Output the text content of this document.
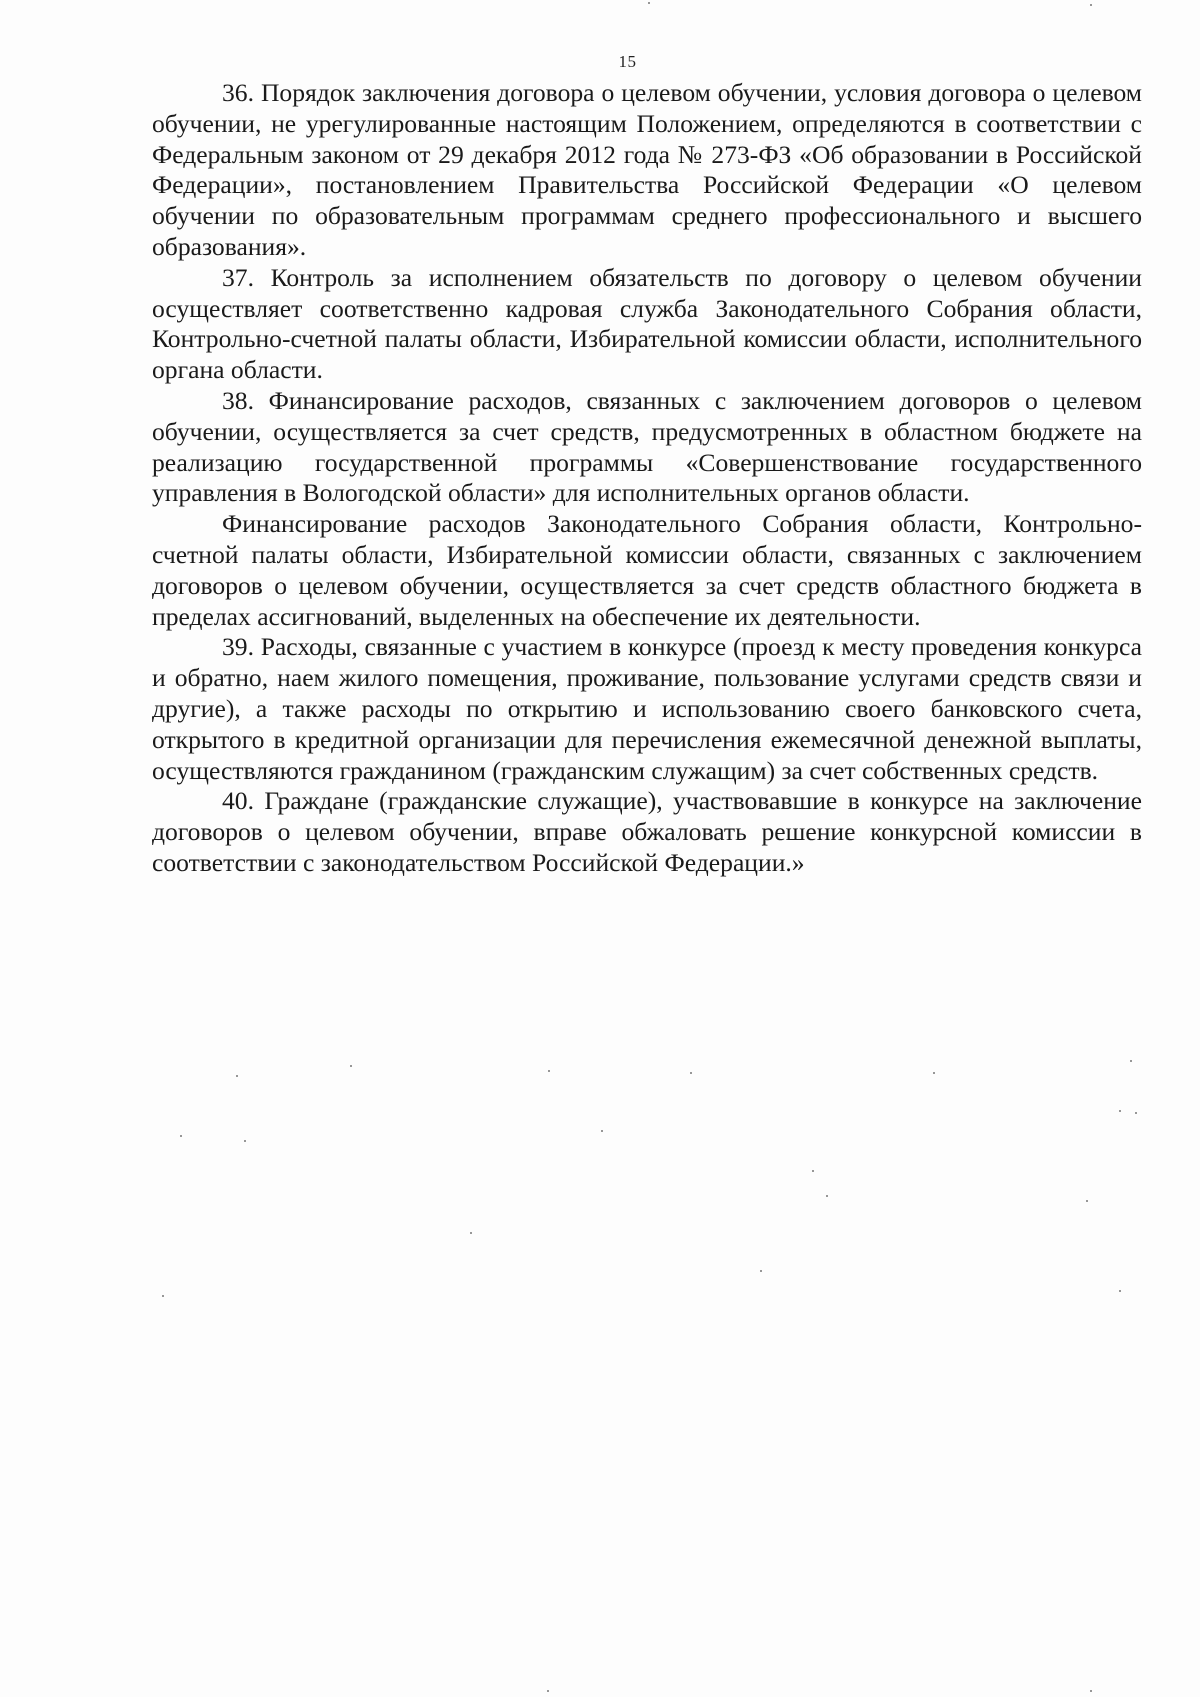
15

36. Порядок заключения договора о целевом обучении, условия договора о целевом обучении, не урегулированные настоящим Положением, определяются в соответствии с Федеральным законом от 29 декабря 2012 года № 273-ФЗ «Об образовании в Российской Федерации», постановлением Правительства Российской Федерации «О целевом обучении по образовательным программам среднего профессионального и высшего образования».

37. Контроль за исполнением обязательств по договору о целевом обучении осуществляет соответственно кадровая служба Законодательного Собрания области, Контрольно-счетной палаты области, Избирательной комиссии области, исполнительного органа области.

38. Финансирование расходов, связанных с заключением договоров о целевом обучении, осуществляется за счет средств, предусмотренных в областном бюджете на реализацию государственной программы «Совершенствование государственного управления в Вологодской области» для исполнительных органов области.

Финансирование расходов Законодательного Собрания области, Контрольно-счетной палаты области, Избирательной комиссии области, связанных с заключением договоров о целевом обучении, осуществляется за счет средств областного бюджета в пределах ассигнований, выделенных на обеспечение их деятельности.

39. Расходы, связанные с участием в конкурсе (проезд к месту проведения конкурса и обратно, наем жилого помещения, проживание, пользование услугами средств связи и другие), а также расходы по открытию и использованию своего банковского счета, открытого в кредитной организации для перечисления ежемесячной денежной выплаты, осуществляются гражданином (гражданским служащим) за счет собственных средств.

40. Граждане (гражданские служащие), участвовавшие в конкурсе на заключение договоров о целевом обучении, вправе обжаловать решение конкурсной комиссии в соответствии с законодательством Российской Федерации.»
